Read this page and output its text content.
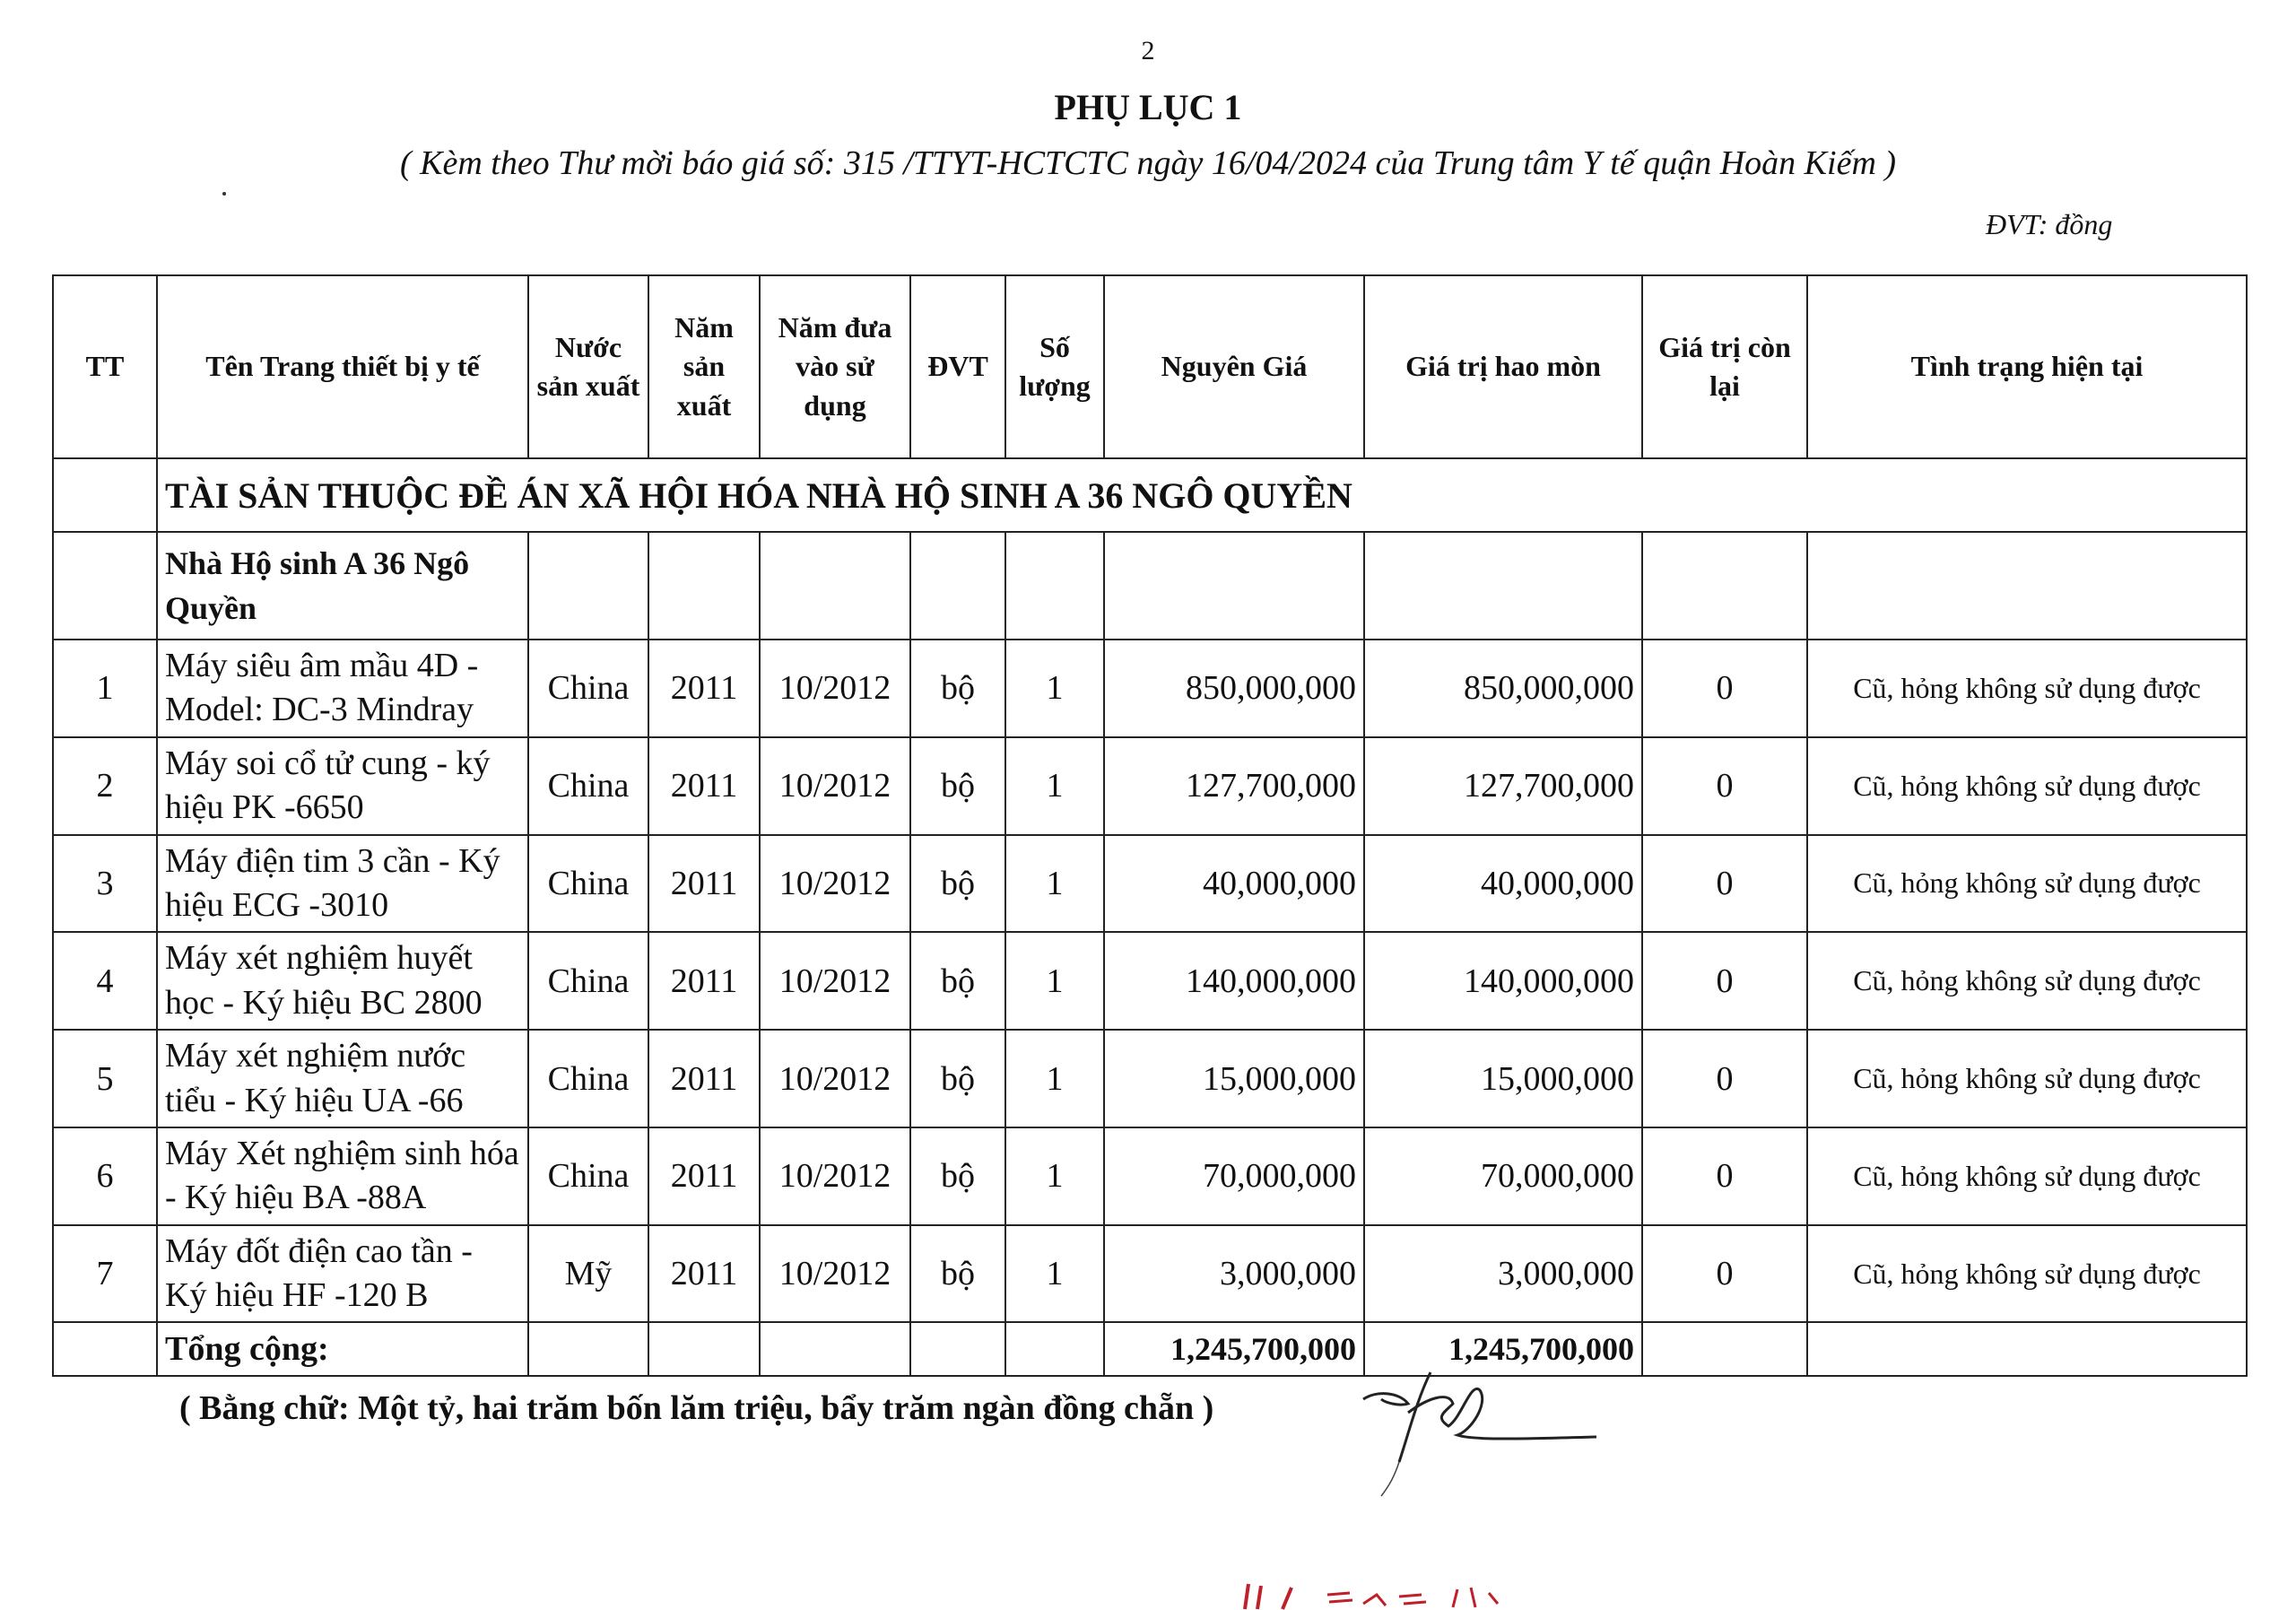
2
PHỤ LỤC 1
( Kèm theo Thư mời báo giá số: 315 /TTYT-HCTCTC ngày 16/04/2024 của Trung tâm Y tế quận Hoàn Kiếm )
ĐVT: đồng
TT	Tên Trang thiết bị y tế	Nước sản xuất	Năm sản xuất	Năm đưa vào sử dụng	ĐVT	Số lượng	Nguyên Giá	Giá trị hao mòn	Giá trị còn lại	Tình trạng hiện tại
	TÀI SẢN THUỘC ĐỀ ÁN XÃ HỘI HÓA NHÀ HỘ SINH A 36 NGÔ QUYỀN									
	Nhà Hộ sinh A 36 Ngô Quyền									
1	Máy siêu âm mầu 4D - Model: DC-3 Mindray	China	2011	10/2012	bộ	1	850,000,000	850,000,000	0	Cũ, hỏng không sử dụng được
2	Máy soi cổ tử cung - ký hiệu PK -6650	China	2011	10/2012	bộ	1	127,700,000	127,700,000	0	Cũ, hỏng không sử dụng được
3	Máy điện tim 3 cần - Ký hiệu ECG -3010	China	2011	10/2012	bộ	1	40,000,000	40,000,000	0	Cũ, hỏng không sử dụng được
4	Máy xét nghiệm huyết học - Ký hiệu BC 2800	China	2011	10/2012	bộ	1	140,000,000	140,000,000	0	Cũ, hỏng không sử dụng được
5	Máy xét nghiệm nước tiểu - Ký hiệu UA -66	China	2011	10/2012	bộ	1	15,000,000	15,000,000	0	Cũ, hỏng không sử dụng được
6	Máy Xét nghiệm sinh hóa - Ký hiệu BA -88A	China	2011	10/2012	bộ	1	70,000,000	70,000,000	0	Cũ, hỏng không sử dụng được
7	Máy đốt điện cao tần - Ký hiệu HF -120 B	Mỹ	2011	10/2012	bộ	1	3,000,000	3,000,000	0	Cũ, hỏng không sử dụng được
	Tổng cộng:						1,245,700,000	1,245,700,000		
( Bằng chữ: Một tỷ, hai trăm bốn lăm triệu, bẩy trăm ngàn đồng chẵn )
